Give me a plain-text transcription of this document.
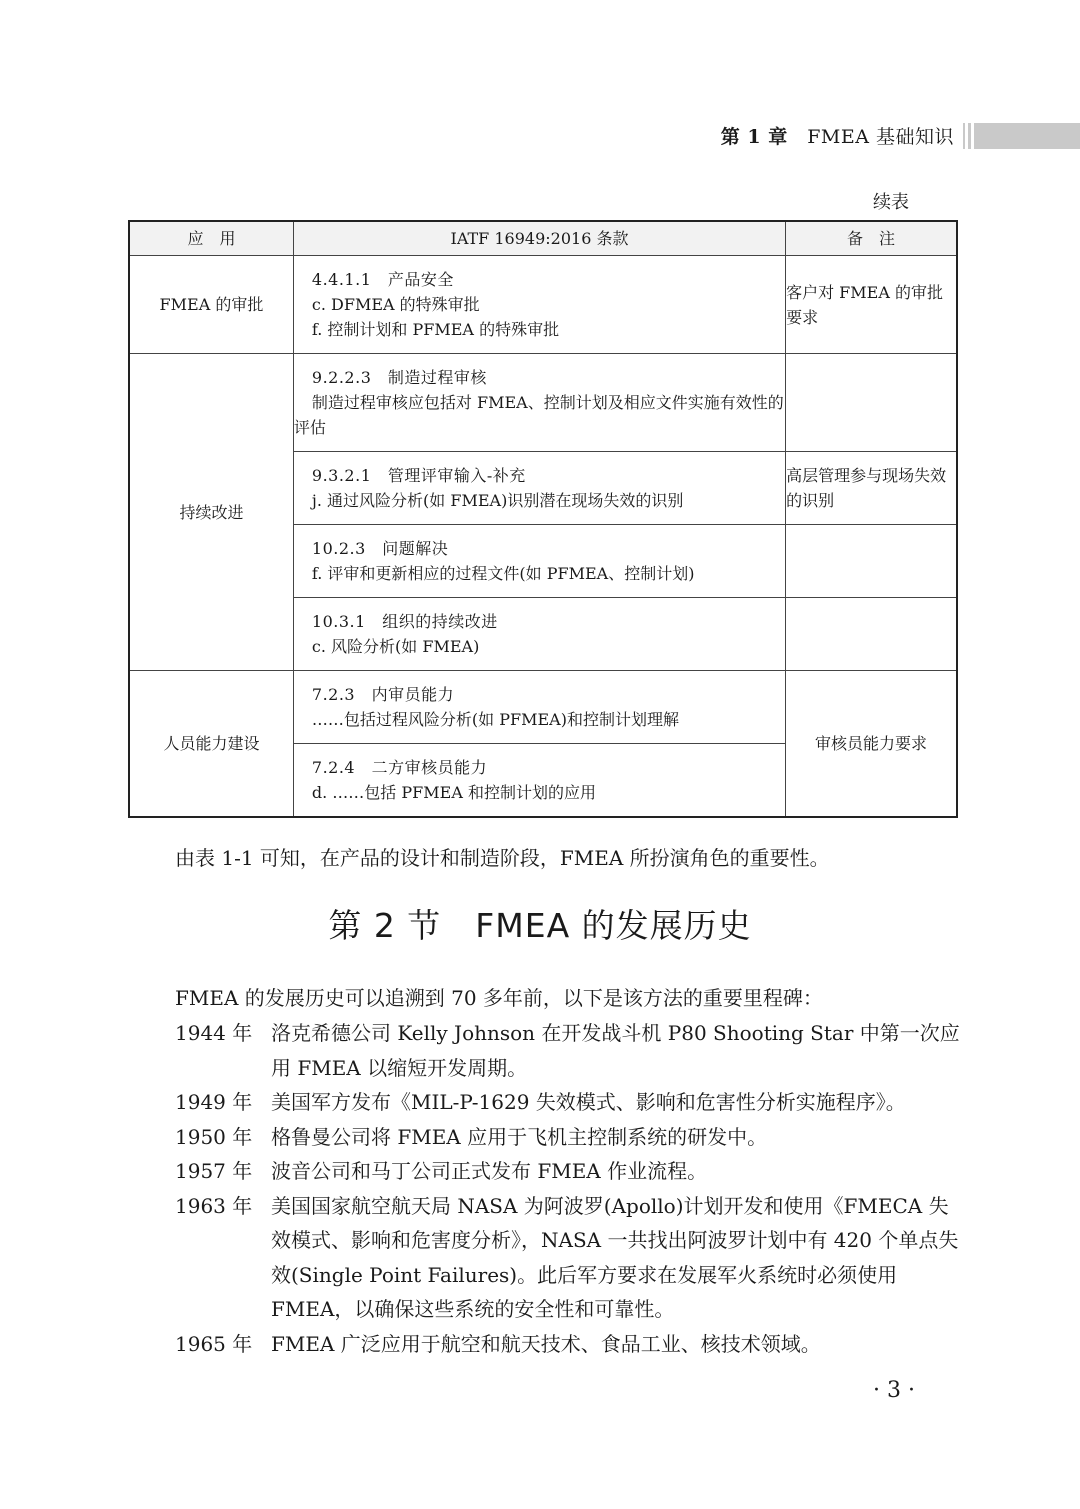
第 1 章　 FMEA 基础知识
续表
应　用	IATF 16949:2016 条款	备　注
FMEA 的审批	4.4.1.1　产品安全
c. DFMEA 的特殊审批
f. 控制计划和 PFMEA 的特殊审批	客户对 FMEA 的审批要求
持续改进	9.2.2.3　制造过程审核
制造过程审核应包括对 FMEA、控制计划及相应文件实施有效性的评估	

	9.3.2.1　管理评审输入-补充
j. 通过风险分析(如 FMEA)识别潜在现场失效的识别	高层管理参与现场失效的识别

	10.2.3　问题解决
f. 评审和更新相应的过程文件(如 PFMEA、控制计划)	

	10.3.1　组织的持续改进
c. 风险分析(如 FMEA)	

人员能力建设	7.2.3　内审员能力
……包括过程风险分析(如 PFMEA)和控制计划理解	审核员能力要求

	7.2.4　二方审核员能力
d. ……包括 PFMEA 和控制计划的应用	
由表 1-1 可知，在产品的设计和制造阶段，FMEA 所扮演角色的重要性。
第 2 节　FMEA 的发展历史
FMEA 的发展历史可以追溯到 70 多年前，以下是该方法的重要里程碑：
1944 年 洛克希德公司 Kelly Johnson 在开发战斗机 P80 Shooting Star 中第一次应用 FMEA 以缩短开发周期。
1949 年 美国军方发布《MIL-P-1629 失效模式、影响和危害性分析实施程序》。
1950 年 格鲁曼公司将 FMEA 应用于飞机主控制系统的研发中。
1957 年 波音公司和马丁公司正式发布 FMEA 作业流程。
1963 年 美国国家航空航天局 NASA 为阿波罗(Apollo)计划开发和使用《FMECA 失效模式、影响和危害度分析》，NASA 一共找出阿波罗计划中有 420 个单点失效(Single Point Failures)。此后军方要求在发展军火系统时必须使用 FMEA，以确保这些系统的安全性和可靠性。
1965 年 FMEA 广泛应用于航空和航天技术、食品工业、核技术领域。
· 3 ·
